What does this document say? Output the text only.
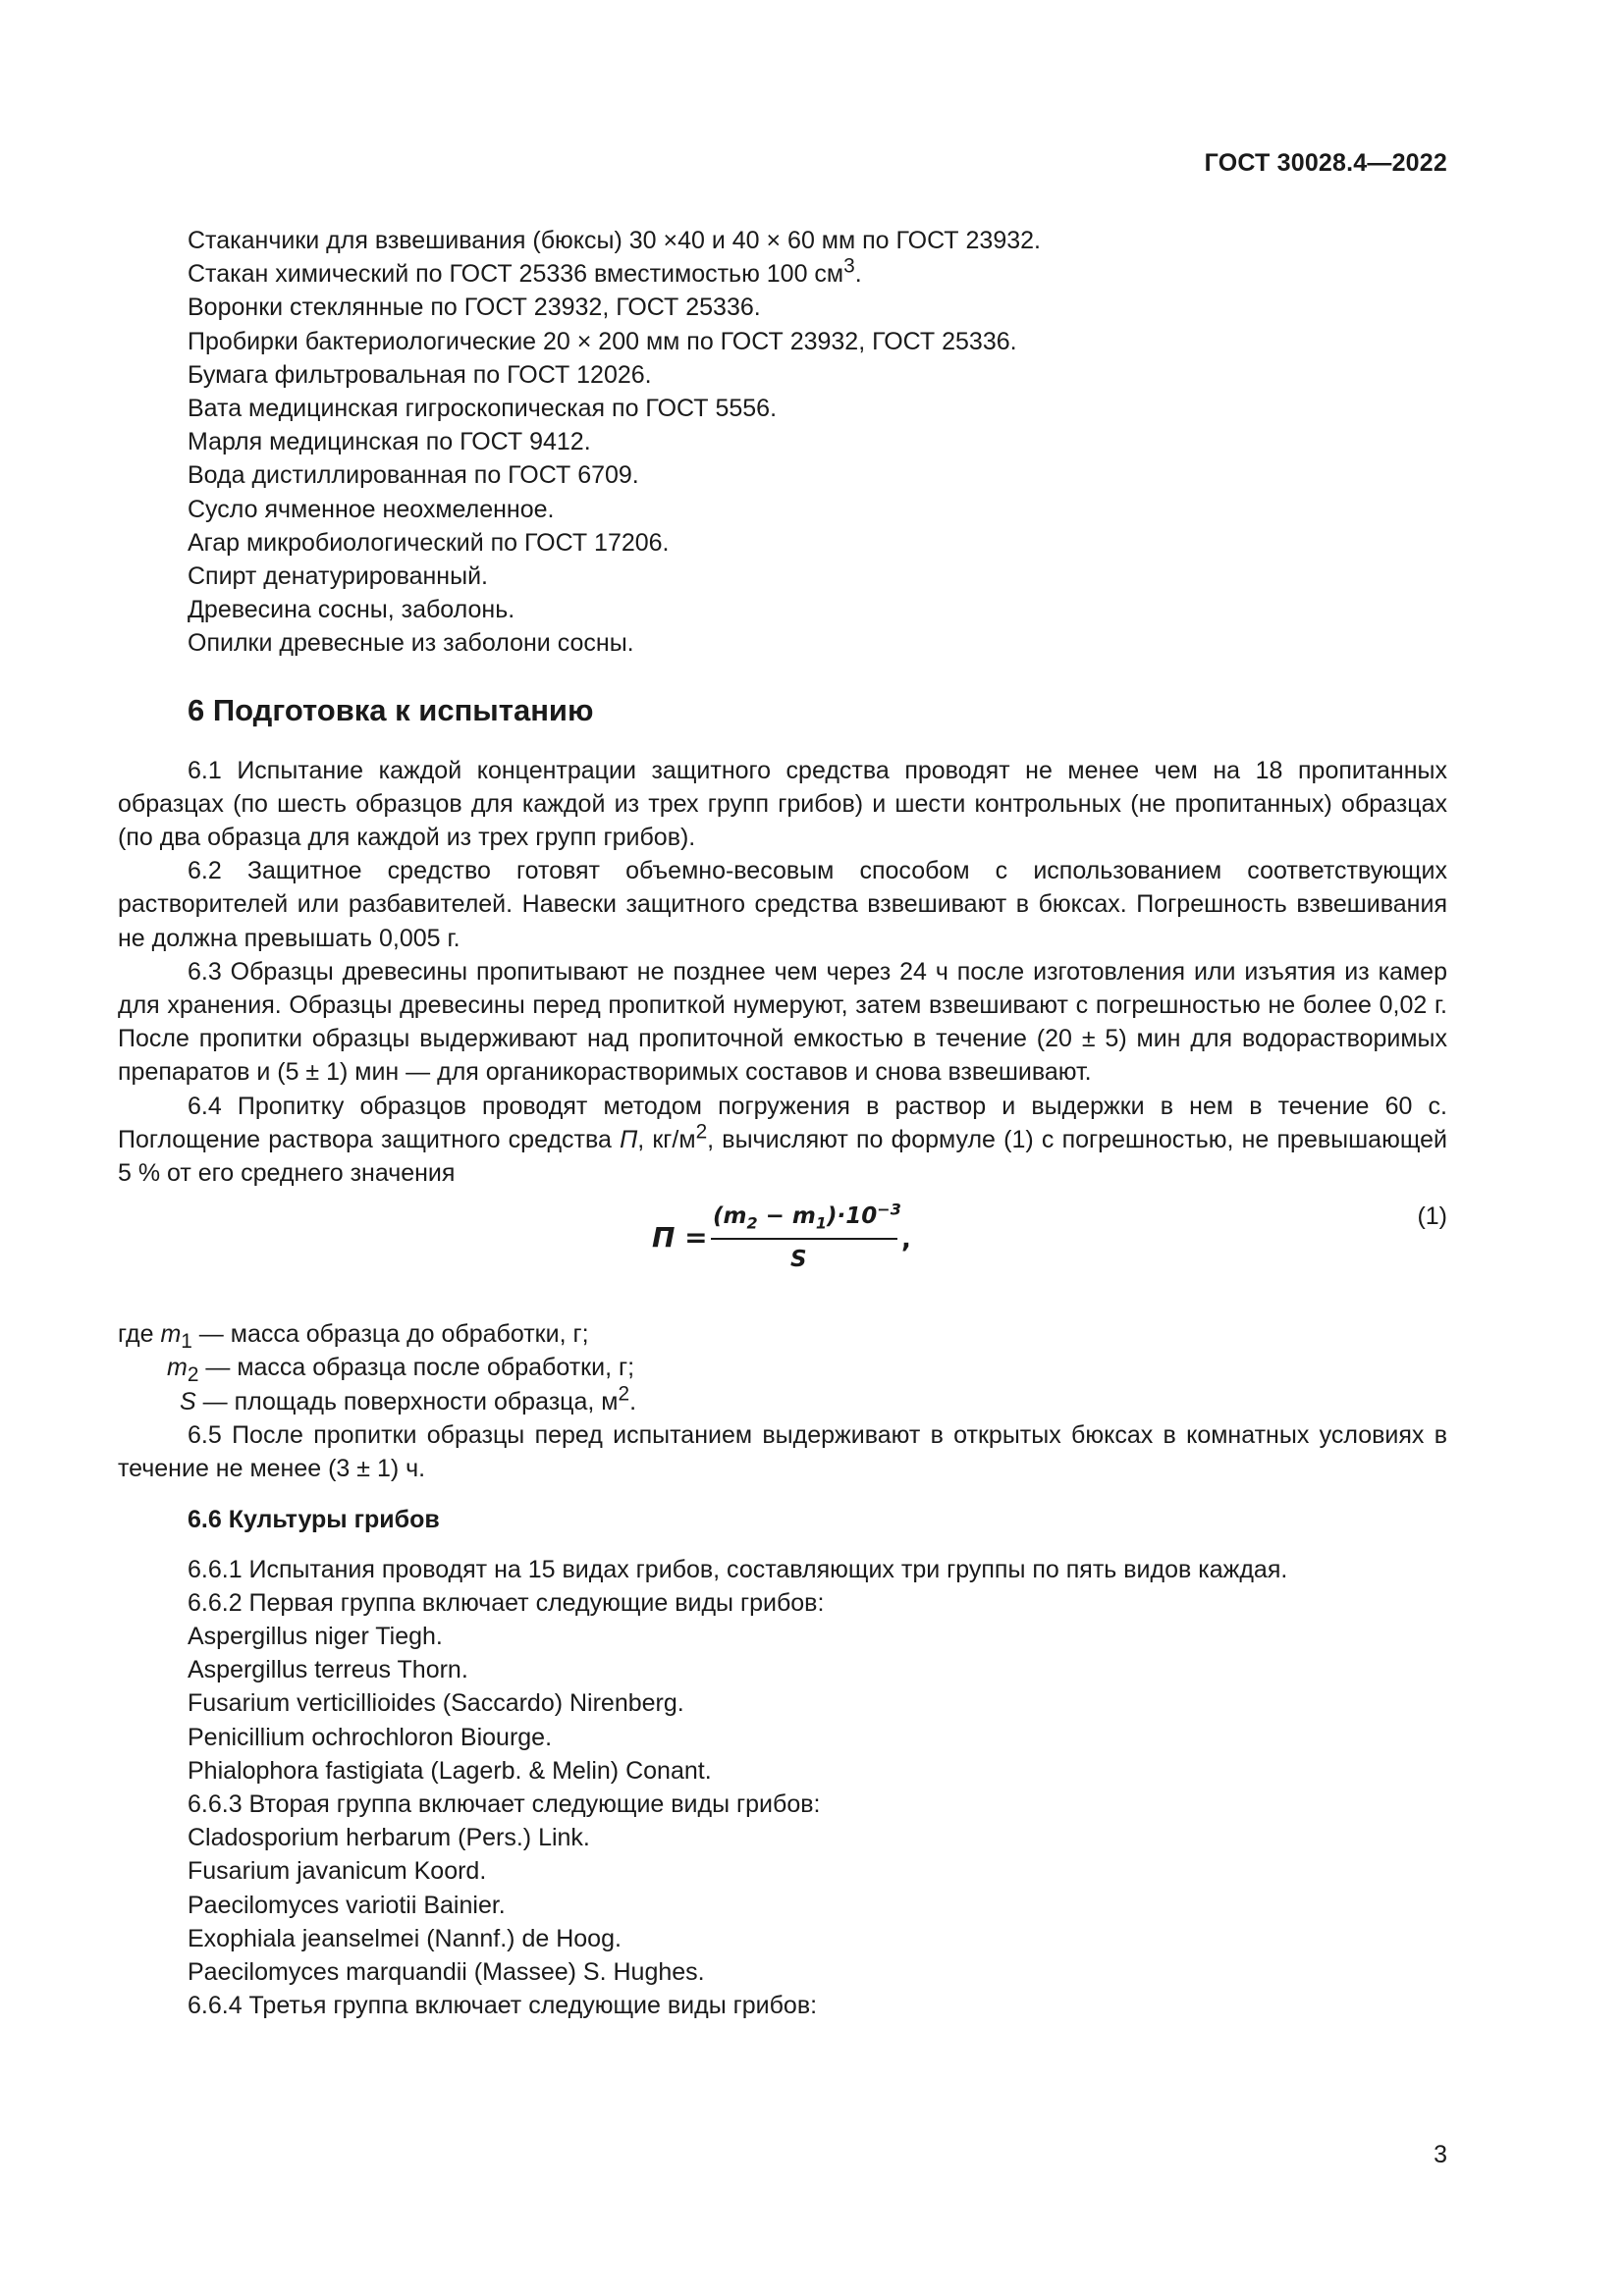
ГОСТ 30028.4—2022
Стаканчики для взвешивания (бюксы) 30 ×40 и 40 × 60 мм по ГОСТ 23932.
Стакан химический по ГОСТ 25336 вместимостью 100 $см^3$.
Воронки стеклянные по ГОСТ 23932, ГОСТ 25336.
Пробирки бактериологические 20 × 200 мм по ГОСТ 23932, ГОСТ 25336.
Бумага фильтровальная по ГОСТ 12026.
Вата медицинская гигроскопическая по ГОСТ 5556.
Марля медицинская по ГОСТ 9412.
Вода дистиллированная по ГОСТ 6709.
Сусло ячменное неохмеленное.
Агар микробиологический по ГОСТ 17206.
Спирт денатурированный.
Древесина сосны, заболонь.
Опилки древесные из заболони сосны.
6 Подготовка к испытанию
6.1 Испытание каждой концентрации защитного средства проводят не менее чем на 18 пропитанных образцах (по шесть образцов для каждой из трех групп грибов) и шести контрольных (не пропитанных) образцах (по два образца для каждой из трех групп грибов).
6.2 Защитное средство готовят объемно-весовым способом с использованием соответствующих растворителей или разбавителей. Навески защитного средства взвешивают в бюксах. Погрешность взвешивания не должна превышать 0,005 г.
6.3 Образцы древесины пропитывают не позднее чем через 24 ч после изготовления или изъятия из камер для хранения. Образцы древесины перед пропиткой нумеруют, затем взвешивают с погрешностью не более 0,02 г. После пропитки образцы выдерживают над пропиточной емкостью в течение (20 ± 5) мин для водорастворимых препаратов и (5 ± 1) мин — для органикорастворимых составов и снова взвешивают.
6.4 Пропитку образцов проводят методом погружения в раствор и выдержки в нем в течение 60 с. Поглощение раствора защитного средства П, $кг/м^2$, вычисляют по формуле (1) с погрешностью, не превышающей 5 % от его среднего значения
П =
$(m_2 - m_1)\cdot 10^{-3}$
S
,
(1)
где $m_1$ — масса образца до обработки, г;
$m_2$ — масса образца после обработки, г;
S — площадь поверхности образца, $м^2$.
6.5 После пропитки образцы перед испытанием выдерживают в открытых бюксах в комнатных условиях в течение не менее (3 ± 1) ч.
6.6 Культуры грибов
6.6.1 Испытания проводят на 15 видах грибов, составляющих три группы по пять видов каждая.
6.6.2 Первая группа включает следующие виды грибов:
Aspergillus niger Tiegh.
Aspergillus terreus Thorn.
Fusarium verticillioides (Saccardo) Nirenberg.
Penicillium ochrochloron Biourge.
Phialophora fastigiata (Lagerb. & Melin) Conant.
6.6.3 Вторая группа включает следующие виды грибов:
Cladosporium herbarum (Pers.) Link.
Fusarium javanicum Koord.
Paecilomyces variotii Bainier.
Exophiala jeanselmei (Nannf.) de Hoog.
Paecilomyces marquandii (Massee) S. Hughes.
6.6.4 Третья группа включает следующие виды грибов:
3
